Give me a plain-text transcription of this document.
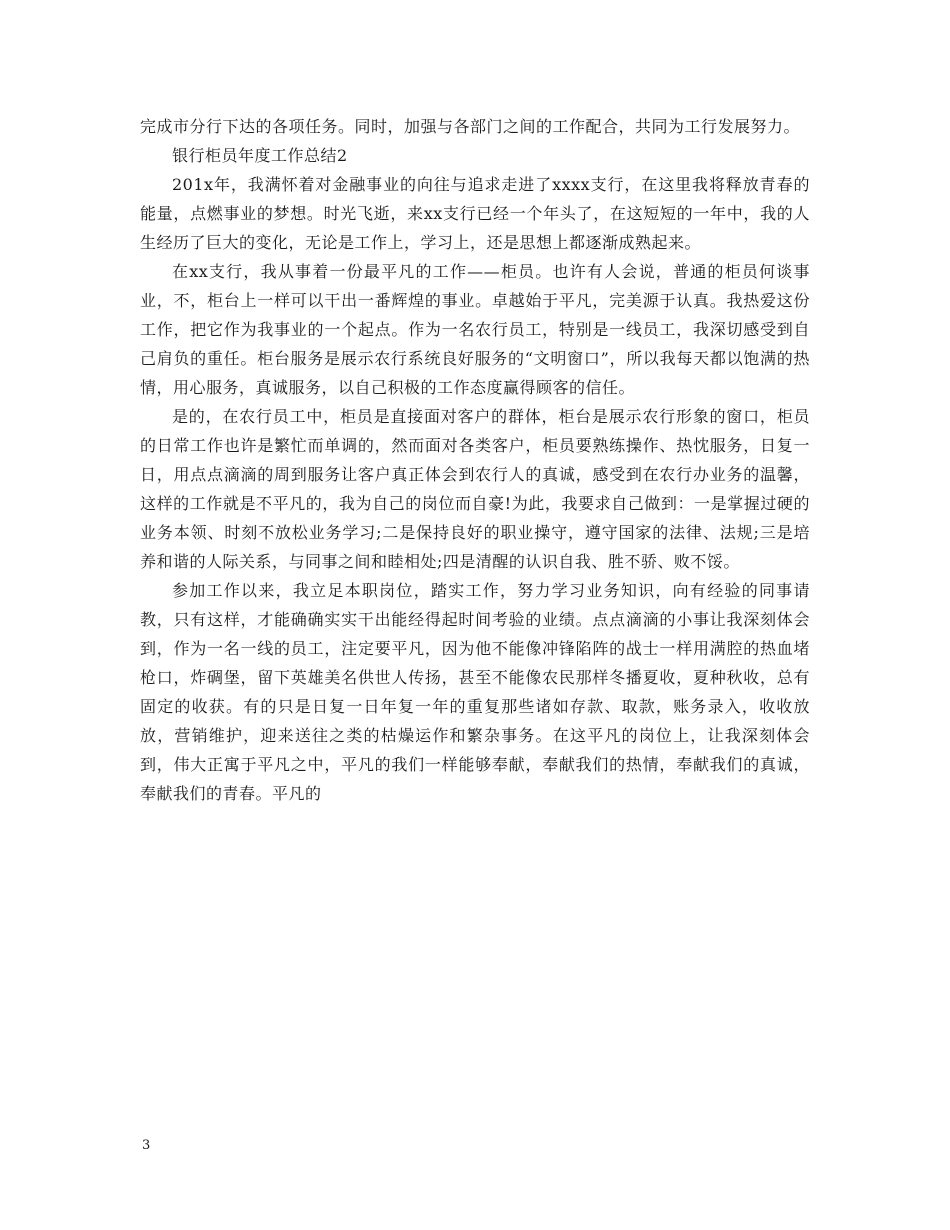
完成市分行下达的各项任务。同时，加强与各部门之间的工作配合，共同为工行发展努力。

银行柜员年度工作总结2

201x年，我满怀着对金融事业的向往与追求走进了xxxx支行，在这里我将释放青春的能量，点燃事业的梦想。时光飞逝，来xx支行已经一个年头了，在这短短的一年中，我的人生经历了巨大的变化，无论是工作上，学习上，还是思想上都逐渐成熟起来。

在xx支行，我从事着一份最平凡的工作——柜员。也许有人会说，普通的柜员何谈事业，不，柜台上一样可以干出一番辉煌的事业。卓越始于平凡，完美源于认真。我热爱这份工作，把它作为我事业的一个起点。作为一名农行员工，特别是一线员工，我深切感受到自己肩负的重任。柜台服务是展示农行系统良好服务的“文明窗口”，所以我每天都以饱满的热情，用心服务，真诚服务，以自己积极的工作态度赢得顾客的信任。

是的，在农行员工中，柜员是直接面对客户的群体，柜台是展示农行形象的窗口，柜员的日常工作也许是繁忙而单调的，然而面对各类客户，柜员要熟练操作、热忱服务，日复一日，用点点滴滴的周到服务让客户真正体会到农行人的真诚，感受到在农行办业务的温馨，这样的工作就是不平凡的，我为自己的岗位而自豪!为此，我要求自己做到：一是掌握过硬的业务本领、时刻不放松业务学习;二是保持良好的职业操守，遵守国家的法律、法规;三是培养和谐的人际关系，与同事之间和睦相处;四是清醒的认识自我、胜不骄、败不馁。

参加工作以来，我立足本职岗位，踏实工作，努力学习业务知识，向有经验的同事请教，只有这样，才能确确实实干出能经得起时间考验的业绩。点点滴滴的小事让我深刻体会到，作为一名一线的员工，注定要平凡，因为他不能像冲锋陷阵的战士一样用满腔的热血堵枪口，炸碉堡，留下英雄美名供世人传扬，甚至不能像农民那样冬播夏收，夏种秋收，总有固定的收获。有的只是日复一日年复一年的重复那些诸如存款、取款，账务录入，收收放放，营销维护，迎来送往之类的枯燥运作和繁杂事务。在这平凡的岗位上，让我深刻体会到，伟大正寓于平凡之中，平凡的我们一样能够奉献，奉献我们的热情，奉献我们的真诚，奉献我们的青春。平凡的

3
